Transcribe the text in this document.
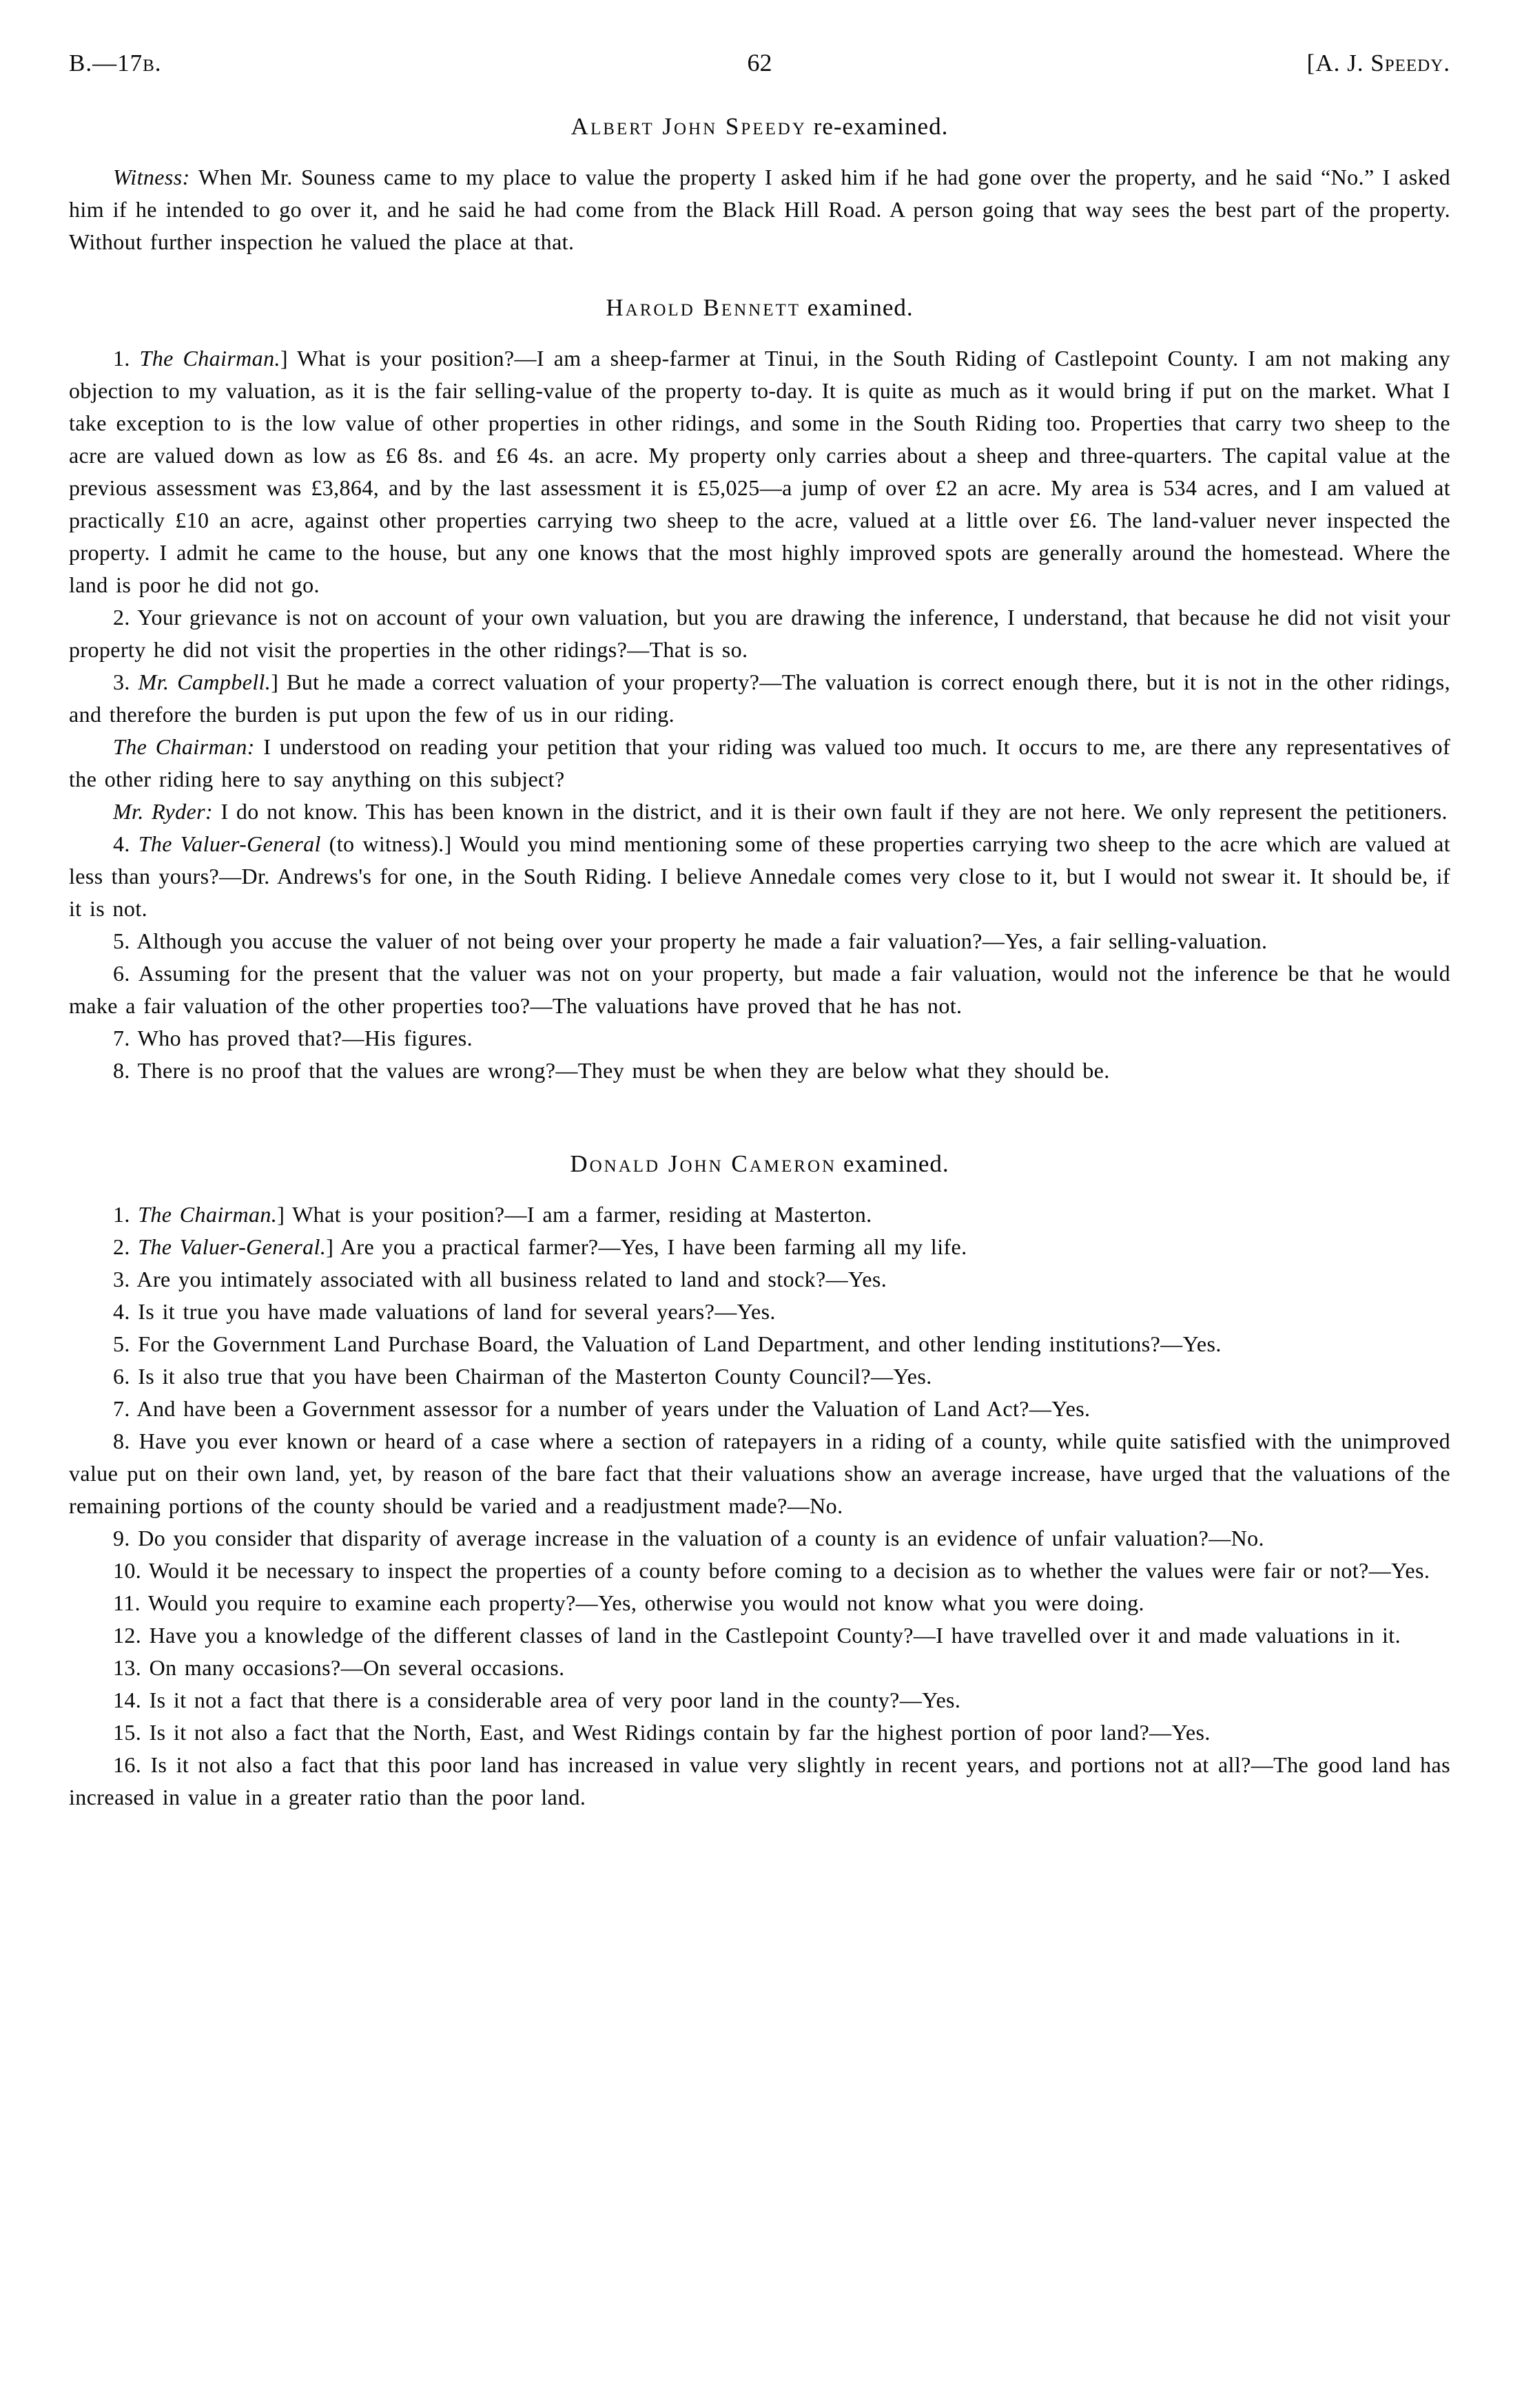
B.—17b.	62	[A. J. Speedy.
Albert John Speedy re-examined.

Witness: When Mr. Souness came to my place to value the property I asked him if he had gone over the property, and he said “No.” I asked him if he intended to go over it, and he said he had come from the Black Hill Road. A person going that way sees the best part of the property. Without further inspection he valued the place at that.

Harold Bennett examined.

1. The Chairman.] What is your position?—I am a sheep-farmer at Tinui, in the South Riding of Castlepoint County. I am not making any objection to my valuation, as it is the fair selling-value of the property to-day. It is quite as much as it would bring if put on the market. What I take exception to is the low value of other properties in other ridings, and some in the South Riding too. Properties that carry two sheep to the acre are valued down as low as £6 8s. and £6 4s. an acre. My property only carries about a sheep and three-quarters. The capital value at the previous assessment was £3,864, and by the last assessment it is £5,025—a jump of over £2 an acre. My area is 534 acres, and I am valued at practically £10 an acre, against other properties carrying two sheep to the acre, valued at a little over £6. The land-valuer never inspected the property. I admit he came to the house, but any one knows that the most highly improved spots are generally around the homestead. Where the land is poor he did not go.

2. Your grievance is not on account of your own valuation, but you are drawing the inference, I understand, that because he did not visit your property he did not visit the properties in the other ridings?—That is so.

3. Mr. Campbell.] But he made a correct valuation of your property?—The valuation is correct enough there, but it is not in the other ridings, and therefore the burden is put upon the few of us in our riding.

The Chairman: I understood on reading your petition that your riding was valued too much. It occurs to me, are there any representatives of the other riding here to say anything on this subject?

Mr. Ryder: I do not know. This has been known in the district, and it is their own fault if they are not here. We only represent the petitioners.

4. The Valuer-General (to witness).] Would you mind mentioning some of these properties carrying two sheep to the acre which are valued at less than yours?—Dr. Andrews's for one, in the South Riding. I believe Annedale comes very close to it, but I would not swear it. It should be, if it is not.

5. Although you accuse the valuer of not being over your property he made a fair valuation?—Yes, a fair selling-valuation.

6. Assuming for the present that the valuer was not on your property, but made a fair valuation, would not the inference be that he would make a fair valuation of the other properties too?—The valuations have proved that he has not.

7. Who has proved that?—His figures.

8. There is no proof that the values are wrong?—They must be when they are below what they should be.

Donald John Cameron examined.

1. The Chairman.] What is your position?—I am a farmer, residing at Masterton.

2. The Valuer-General.] Are you a practical farmer?—Yes, I have been farming all my life.

3. Are you intimately associated with all business related to land and stock?—Yes.

4. Is it true you have made valuations of land for several years?—Yes.

5. For the Government Land Purchase Board, the Valuation of Land Department, and other lending institutions?—Yes.

6. Is it also true that you have been Chairman of the Masterton County Council?—Yes.

7. And have been a Government assessor for a number of years under the Valuation of Land Act?—Yes.

8. Have you ever known or heard of a case where a section of ratepayers in a riding of a county, while quite satisfied with the unimproved value put on their own land, yet, by reason of the bare fact that their valuations show an average increase, have urged that the valuations of the remaining portions of the county should be varied and a readjustment made?—No.

9. Do you consider that disparity of average increase in the valuation of a county is an evidence of unfair valuation?—No.

10. Would it be necessary to inspect the properties of a county before coming to a decision as to whether the values were fair or not?—Yes.

11. Would you require to examine each property?—Yes, otherwise you would not know what you were doing.

12. Have you a knowledge of the different classes of land in the Castlepoint County?—I have travelled over it and made valuations in it.

13. On many occasions?—On several occasions.

14. Is it not a fact that there is a considerable area of very poor land in the county?—Yes.

15. Is it not also a fact that the North, East, and West Ridings contain by far the highest portion of poor land?—Yes.

16. Is it not also a fact that this poor land has increased in value very slightly in recent years, and portions not at all?—The good land has increased in value in a greater ratio than the poor land.
